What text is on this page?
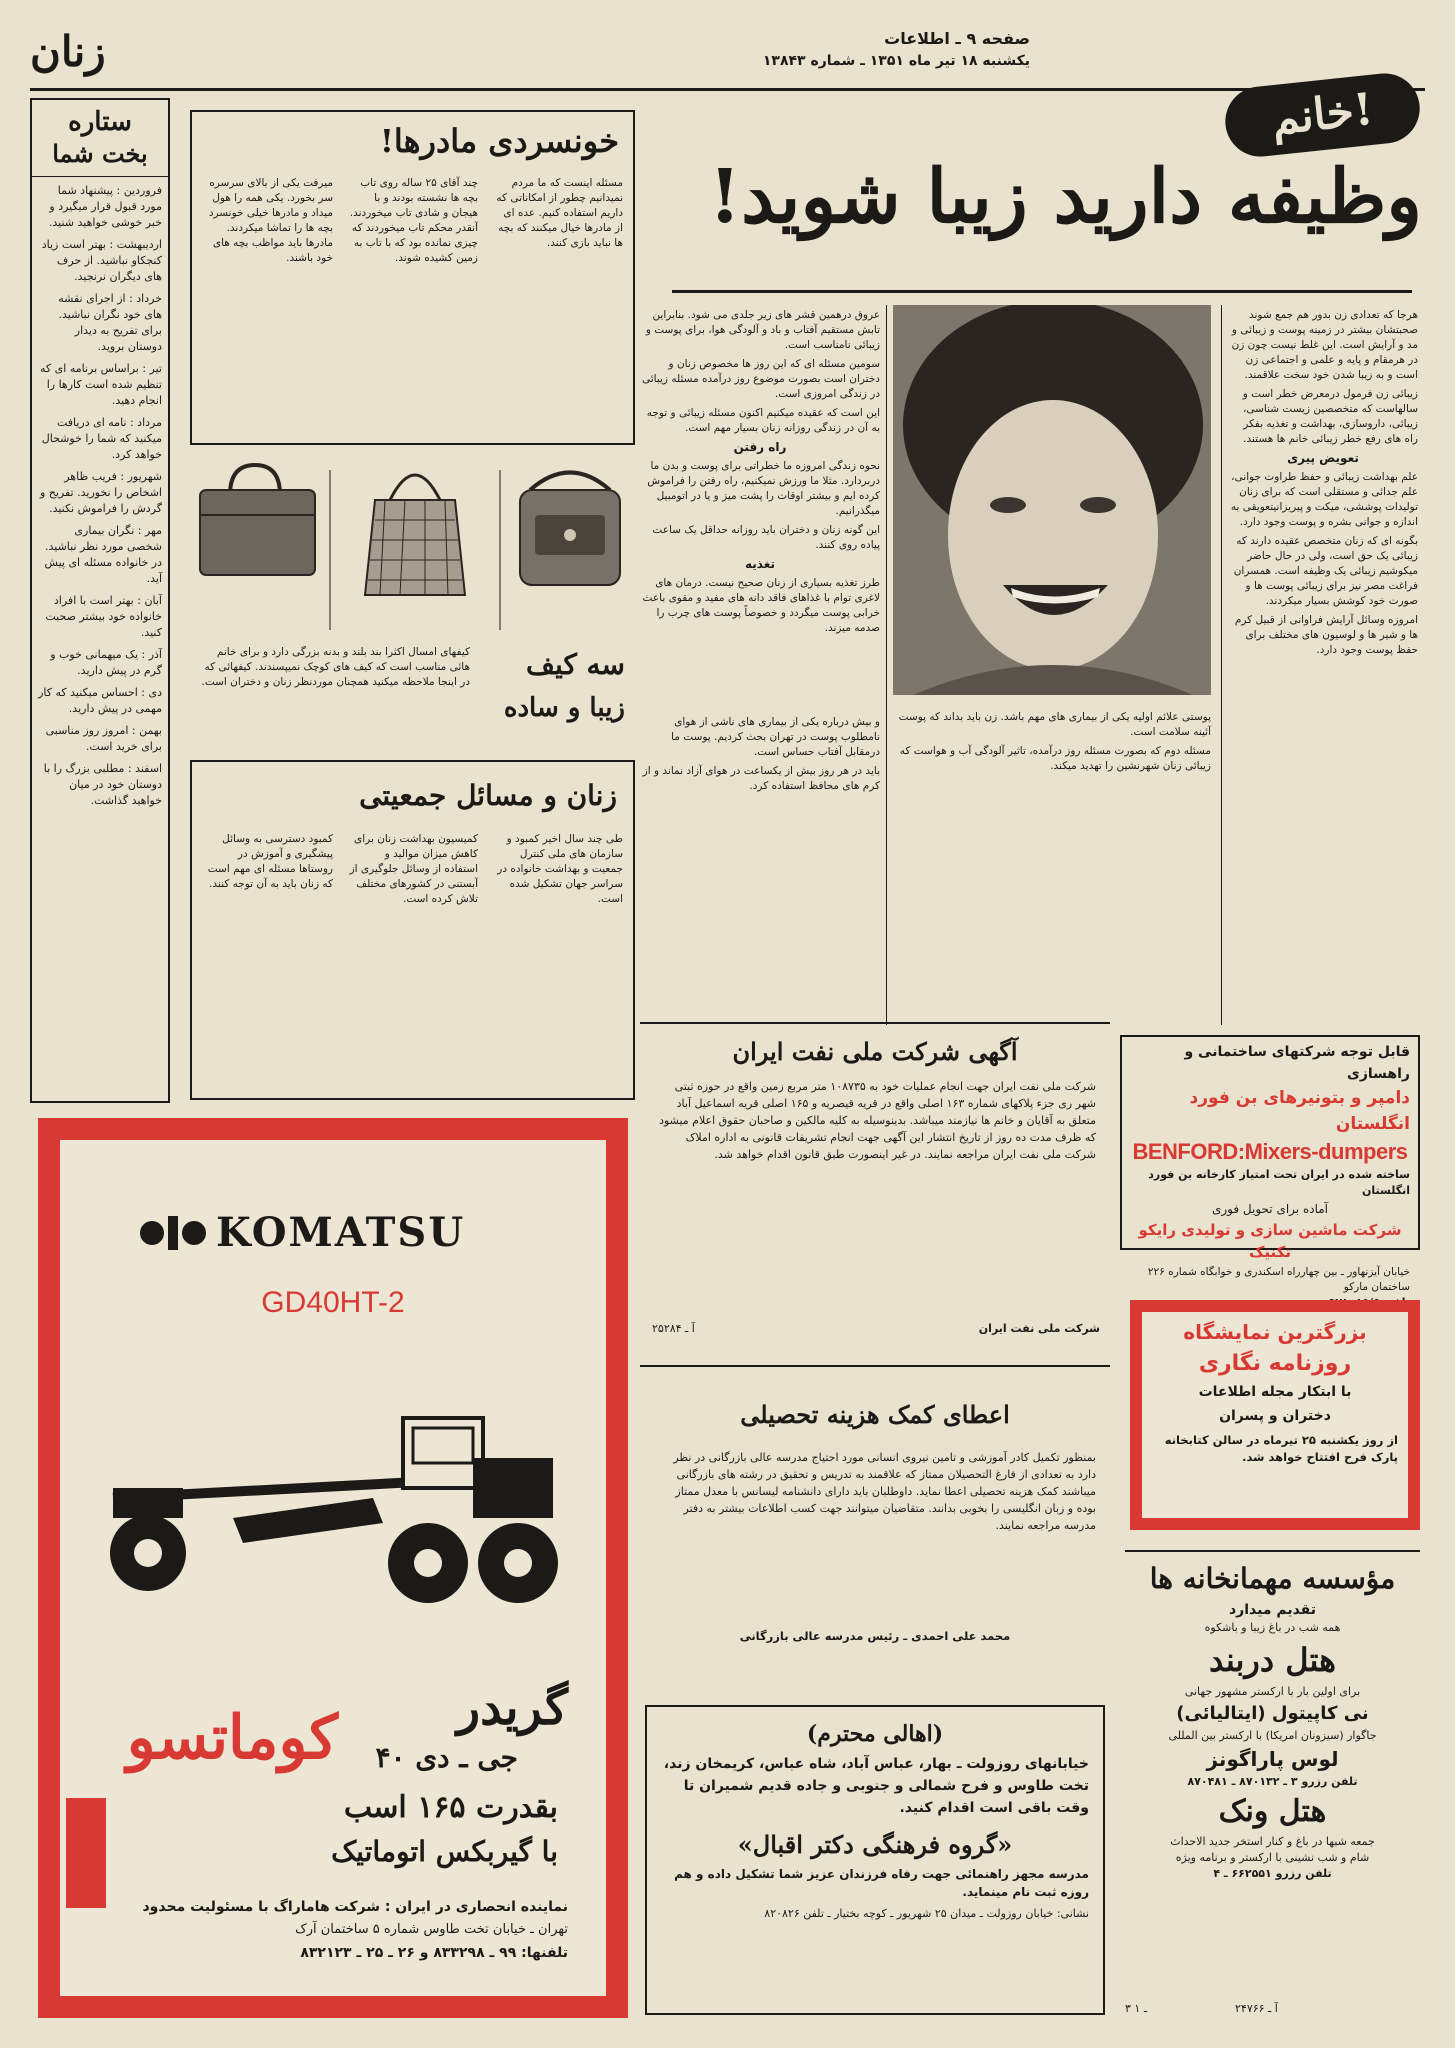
زنان	صفحه ۹ ـ اطلاعات
یکشنبه ۱۸ تیر ماه ۱۳۵۱ ـ شماره ۱۳۸۴۳
خانم!
وظیفه دارید زیبا شوید!

هرجا که تعدادی زن بدور هم جمع شوند صحبتشان بیشتر در زمینه پوست و زیبائی و مد و آرایش است. این غلط نیست چون زن در هرمقام و پایه و علمی و اجتماعی زن است و به زیبا شدن خود سخت علاقمند.

زیبائی زن فرمول درمعرض خطر است و سالهاست که متخصصین زیست شناسی، زیبائی، داروسازی، بهداشت و تغذیه بفکر راه های رفع خطر زیبائی خانم ها هستند.

تعویض پیری

علم بهداشت زیبائی و حفظ طراوت جوانی، علم جدائی و مستقلی است که برای زنان تولیدات پوششی، میکت و پیریزانیتعویقی به اندازه و جوانی بشره و پوست وجود دارد.

بگونه ای که زنان متخصص عقیده دارند که زیبائی یک حق است، ولی در حال حاضر میکوشیم زیبائی یک وظیفه است. همسران فراغت مصر نیز برای زیبائی پوست ها و صورت خود کوشش بسیار میکردند.

امروزه وسائل آرایش فراوانی از قبیل کرم ها و شیر ها و لوسیون های مختلف برای حفظ پوست وجود دارد.

عروق درهمین قشر های زیر جلدی می شود. بنابراین تابش مستقیم آفتاب و باد و آلودگی هوا، برای پوست و زیبائی نامناسب است.

سومین مسئله ای که این روز ها مخصوص زنان و دختران است بصورت موضوع روز درآمده مسئله زیبائی در زندگی امروزی است.

این است که عقیده میکنیم اکنون مسئله زیبائی و توجه به آن در زندگی روزانه زنان بسیار مهم است.

راه رفتن

نحوه زندگی امروزه ما خطراتی برای پوست و بدن ما دربردارد. مثلا ما ورزش نمیکنیم، راه رفتن را فراموش کرده ایم و بیشتر اوقات را پشت میز و یا در اتومبیل میگذرانیم.

این گونه زنان و دختران باید روزانه حداقل یک ساعت پیاده روی کنند.

تغذیه

طرز تغذیه بسیاری از زنان صحیح نیست. درمان های لاغری توام با غذاهای فاقد دانه های مفید و مقوی باعث خرابی پوست میگردد و خصوصاً پوست های چرب را صدمه میزند.

پوستی علائم اولیه یکی از بیماری های مهم باشد. زن باید بداند که پوست آئینه سلامت است.

مسئله دوم که بصورت مسئله روز درآمده، تاثیر آلودگی آب و هواست که زیبائی زنان شهرنشین را تهدید میکند.

و بیش درباره یکی از بیماری های ناشی از هوای نامطلوب پوست در تهران بحث کردیم. پوست ما درمقابل آفتاب حساس است.

باید در هر روز بیش از یکساعت در هوای آزاد نماند و از کرم های محافظ استفاده کرد.

ستاره
بخت شما

فروردین : پیشنهاد شما مورد قبول قرار میگیرد و خبر خوشی خواهید شنید.

اردیبهشت : بهتر است زیاد کنجکاو نباشید. از حرف های دیگران نرنجید.

خرداد : از اجرای نقشه های خود نگران نباشید. برای تفریح به دیدار دوستان بروید.

تیر : براساس برنامه ای که تنظیم شده است کارها را انجام دهید.

مرداد : نامه ای دریافت میکنید که شما را خوشحال خواهد کرد.

شهریور : فریب ظاهر اشخاص را نخورید. تفریح و گردش را فراموش نکنید.

مهر : نگران بیماری شخصی مورد نظر نباشید. در خانواده مسئله ای پیش آید.

آبان : بهتر است با افراد خانواده خود بیشتر صحبت کنید.

آذر : یک میهمانی خوب و گرم در پیش دارید.

دی : احساس میکنید که کار مهمی در پیش دارید.

بهمن : امروز روز مناسبی برای خرید است.

اسفند : مطلبی بزرگ را با دوستان خود در میان خواهید گذاشت.

خونسردی مادرها!
مسئله اینست که ما مردم نمیدانیم چطور از امکاناتی که داریم استفاده کنیم. عده ای از مادرها خیال میکنند که بچه ها نباید بازی کنند.
چند آقای ۲۵ ساله روی تاب بچه ها نشسته بودند و با هیجان و شادی تاب میخوردند. آنقدر محکم تاب میخوردند که چیزی نمانده بود که با تاب به زمین کشیده شوند.
میرفت یکی از بالای سرسره سر بخورد. یکی همه را هول میداد و مادرها خیلی خونسرد بچه ها را تماشا میکردند. مادرها باید مواظب بچه های خود باشند.
سه کیف
زیبا و ساده
کیفهای امسال اکثرا بند بلند و بدنه بزرگی دارد و برای خانم هائی مناسب است که کیف های کوچک نمیپسندند. کیفهائی که در اینجا ملاحظه میکنید همچنان موردنظر زنان و دختران است.
زنان و مسائل جمعیتی
طی چند سال اخیر کمبود و سازمان های ملی کنترل جمعیت و بهداشت خانواده در سراسر جهان تشکیل شده است.
کمیسیون بهداشت زنان برای کاهش میزان موالید و استفاده از وسائل جلوگیری از آبستنی در کشورهای مختلف تلاش کرده است.
کمبود دسترسی به وسائل پیشگیری و آموزش در روستاها مسئله ای مهم است که زنان باید به آن توجه کنند.
آگهی شرکت ملی نفت ایران
شرکت ملی نفت ایران جهت انجام عملیات خود به ۱۰۸۷۳۵ متر مربع زمین واقع در حوزه ثبتی شهر ری جزء پلاکهای شماره ۱۶۳ اصلی واقع در قریه قیصریه و ۱۶۵ اصلی قریه اسماعیل آباد متعلق به آقایان و خانم ها نیازمند میباشد. بدینوسیله به کلیه مالکین و صاحبان حقوق اعلام میشود که ظرف مدت ده روز از تاریخ انتشار این آگهی جهت انجام تشریفات قانونی به اداره املاک شرکت ملی نفت ایران مراجعه نمایند. در غیر اینصورت طبق قانون اقدام خواهد شد.
آ ـ ۲۵۲۸۴	شرکت ملی نفت ایران
قابل توجه شرکتهای ساختمانی و راهسازی
دامپر و بتونیرهای بن فورد انگلستان
BENFORD:Mixers-dumpers
ساخته شده در ایران تحت امتیاز کارخانه بن فورد انگلستان
آماده برای تحویل فوری
شرکت ماشین سازی و تولیدی رایکو تکنیک
خیابان آیزنهاور ـ بین چهارراه اسکندری و خوابگاه شماره ۲۲۶ ساختمان مارکو
KOMATSU
GD40HT-2
گریدر
جی ـ دی ۴۰
کوماتسو
بقدرت ۱۶۵ اسب
با گیربکس اتوماتیک
نماینده انحصاری در ایران : شرکت هاماراگ با مسئولیت محدود
تهران ـ خیابان تخت طاوس شماره ۵ ساختمان آرک
تلفنها: ۹۹ ـ ۸۳۳۲۹۸ و ۲۶ ـ ۲۵ ـ ۸۳۲۱۲۳
بزرگترین نمایشگاه
روزنامه نگاری
با ابتکار مجله اطلاعات
دختران و پسران
از روز یکشنبه ۲۵ تیرماه در سالن کتابخانه پارک فرح افتتاح خواهد شد.
اعطای کمک هزینه تحصیلی
بمنظور تکمیل کادر آموزشی و تامین نیروی انسانی مورد احتیاج مدرسه عالی بازرگانی در نظر دارد به تعدادی از فارغ التحصیلان ممتاز که علاقمند به تدریس و تحقیق در رشته های بازرگانی میباشند کمک هزینه تحصیلی اعطا نماید. داوطلبان باید دارای دانشنامه لیسانس با معدل ممتاز بوده و زبان انگلیسی را بخوبی بدانند. متقاضیان میتوانند جهت کسب اطلاعات بیشتر به دفتر مدرسه مراجعه نمایند.
محمد علی احمدی ـ رئیس مدرسه عالی بازرگانی
(اهالی محترم)
خیابانهای روزولت ـ بهار، عباس آباد، شاه عباس، کریمخان زند، تخت طاوس و فرح شمالی و جنوبی و جاده قدیم شمیران تا وقت باقی است اقدام کنید.
«گروه فرهنگی دکتر اقبال»
مدرسه مجهز راهنمائی جهت رفاه فرزندان عزیز شما تشکیل داده و هم روزه ثبت نام مینماید.
نشانی: خیابان روزولت ـ میدان ۲۵ شهریور ـ کوچه بختیار ـ تلفن ۸۲۰۸۲۶
مؤسسه مهمانخانه ها
تقدیم میدارد
همه شب در باغ زیبا و باشکوه
هتل دربند
برای اولین بار با ارکستر مشهور جهانی
نی کاپیتول (ایتالیائی)
جاگوار (سیزونان امریکا) با ارکستر بین المللی
لوس پاراگونز
تلفن رزرو ۳ ـ ۸۷۰۱۳۲ ـ ۸۷۰۴۸۱
هتل ونک
جمعه شبها در باغ و کنار استخر جدید الاحداث
شام و شب نشینی با ارکستر و برنامه ویژه
تلفن رزرو ۶۶۲۵۵۱ ـ ۴
آ ـ ۲۴۷۶۶
۳ ـ ۱
